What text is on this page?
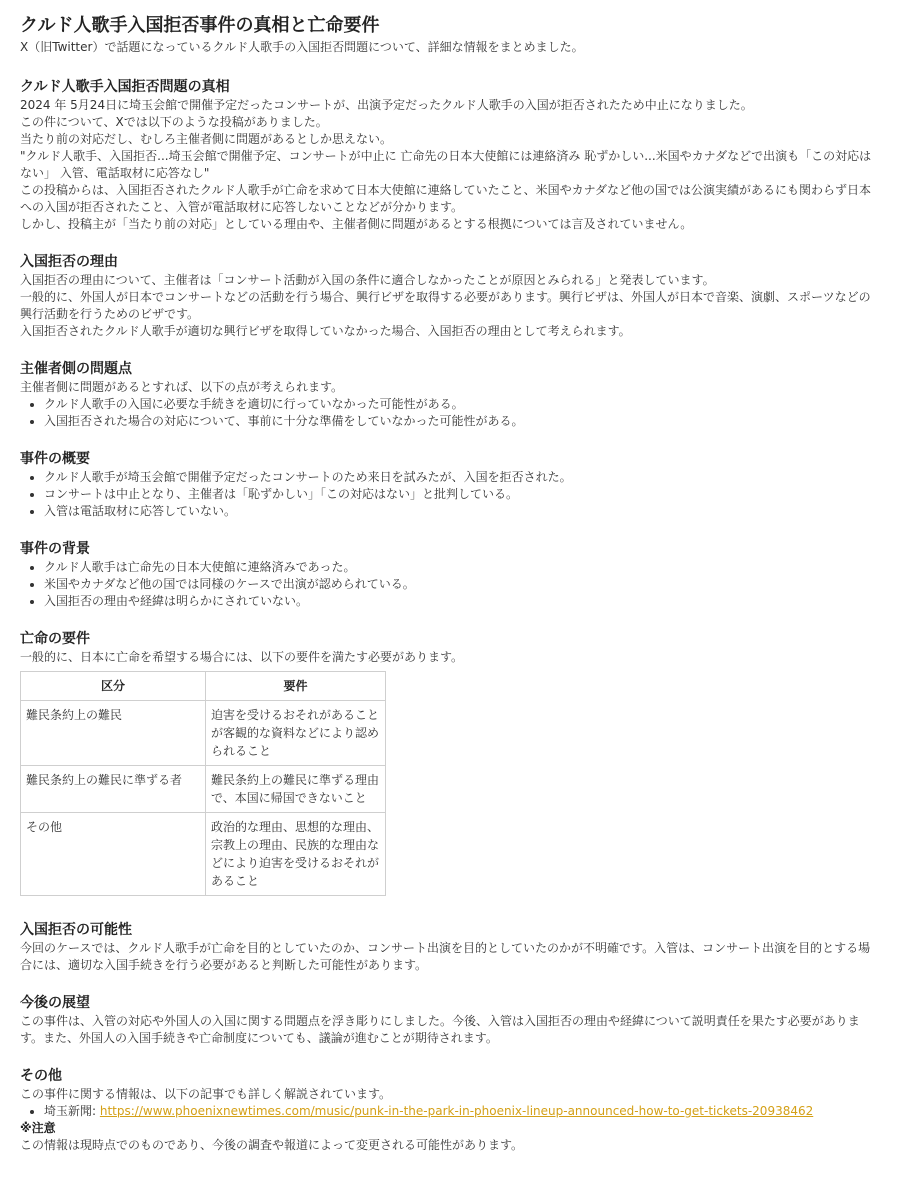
クルド人歌手入国拒否事件の真相と亡命要件
X（旧Twitter）で話題になっているクルド人歌手の入国拒否問題について、詳細な情報をまとめました。
クルド人歌手入国拒否問題の真相
2024 年 5月24日に埼玉会館で開催予定だったコンサートが、出演予定だったクルド人歌手の入国が拒否されたため中止になりました。
この件について、Xでは以下のような投稿がありました。
当たり前の対応だし、むしろ主催者側に問題があるとしか思えない。
"クルド人歌手、入国拒否...埼玉会館で開催予定、コンサートが中止に 亡命先の日本大使館には連絡済み 恥ずかしい...米国やカナダなどで出演も「この対応はない」 入管、電話取材に応答なし"
この投稿からは、入国拒否されたクルド人歌手が亡命を求めて日本大使館に連絡していたこと、米国やカナダなど他の国では公演実績があるにも関わらず日本への入国が拒否されたこと、入管が電話取材に応答しないことなどが分かります。
しかし、投稿主が「当たり前の対応」としている理由や、主催者側に問題があるとする根拠については言及されていません。
入国拒否の理由
入国拒否の理由について、主催者は「コンサート活動が入国の条件に適合しなかったことが原因とみられる」と発表しています。
一般的に、外国人が日本でコンサートなどの活動を行う場合、興行ビザを取得する必要があります。興行ビザは、外国人が日本で音楽、演劇、スポーツなどの興行活動を行うためのビザです。
入国拒否されたクルド人歌手が適切な興行ビザを取得していなかった場合、入国拒否の理由として考えられます。
主催者側の問題点
主催者側に問題があるとすれば、以下の点が考えられます。
• クルド人歌手の入国に必要な手続きを適切に行っていなかった可能性がある。
• 入国拒否された場合の対応について、事前に十分な準備をしていなかった可能性がある。
事件の概要
• クルド人歌手が埼玉会館で開催予定だったコンサートのため来日を試みたが、入国を拒否された。
• コンサートは中止となり、主催者は「恥ずかしい」「この対応はない」と批判している。
• 入管は電話取材に応答していない。
事件の背景
• クルド人歌手は亡命先の日本大使館に連絡済みであった。
• 米国やカナダなど他の国では同様のケースで出演が認められている。
• 入国拒否の理由や経緯は明らかにされていない。
亡命の要件
一般的に、日本に亡命を希望する場合には、以下の要件を満たす必要があります。
区分	要件
難民条約上の難民	迫害を受けるおそれがあることが客観的な資料などにより認められること
難民条約上の難民に準ずる者	難民条約上の難民に準ずる理由で、本国に帰国できないこと
その他	政治的な理由、思想的な理由、宗教上の理由、民族的な理由などにより迫害を受けるおそれがあること
入国拒否の可能性
今回のケースでは、クルド人歌手が亡命を目的としていたのか、コンサート出演を目的としていたのかが不明確です。入管は、コンサート出演を目的とする場合には、適切な入国手続きを行う必要があると判断した可能性があります。
今後の展望
この事件は、入管の対応や外国人の入国に関する問題点を浮き彫りにしました。今後、入管は入国拒否の理由や経緯について説明責任を果たす必要があります。また、外国人の入国手続きや亡命制度についても、議論が進むことが期待されます。
その他
この事件に関する情報は、以下の記事でも詳しく解説されています。
• 埼玉新聞: https://www.phoenixnewtimes.com/music/punk-in-the-park-in-phoenix-lineup-announced-how-to-get-tickets-20938462
※注意
この情報は現時点でのものであり、今後の調査や報道によって変更される可能性があります。
